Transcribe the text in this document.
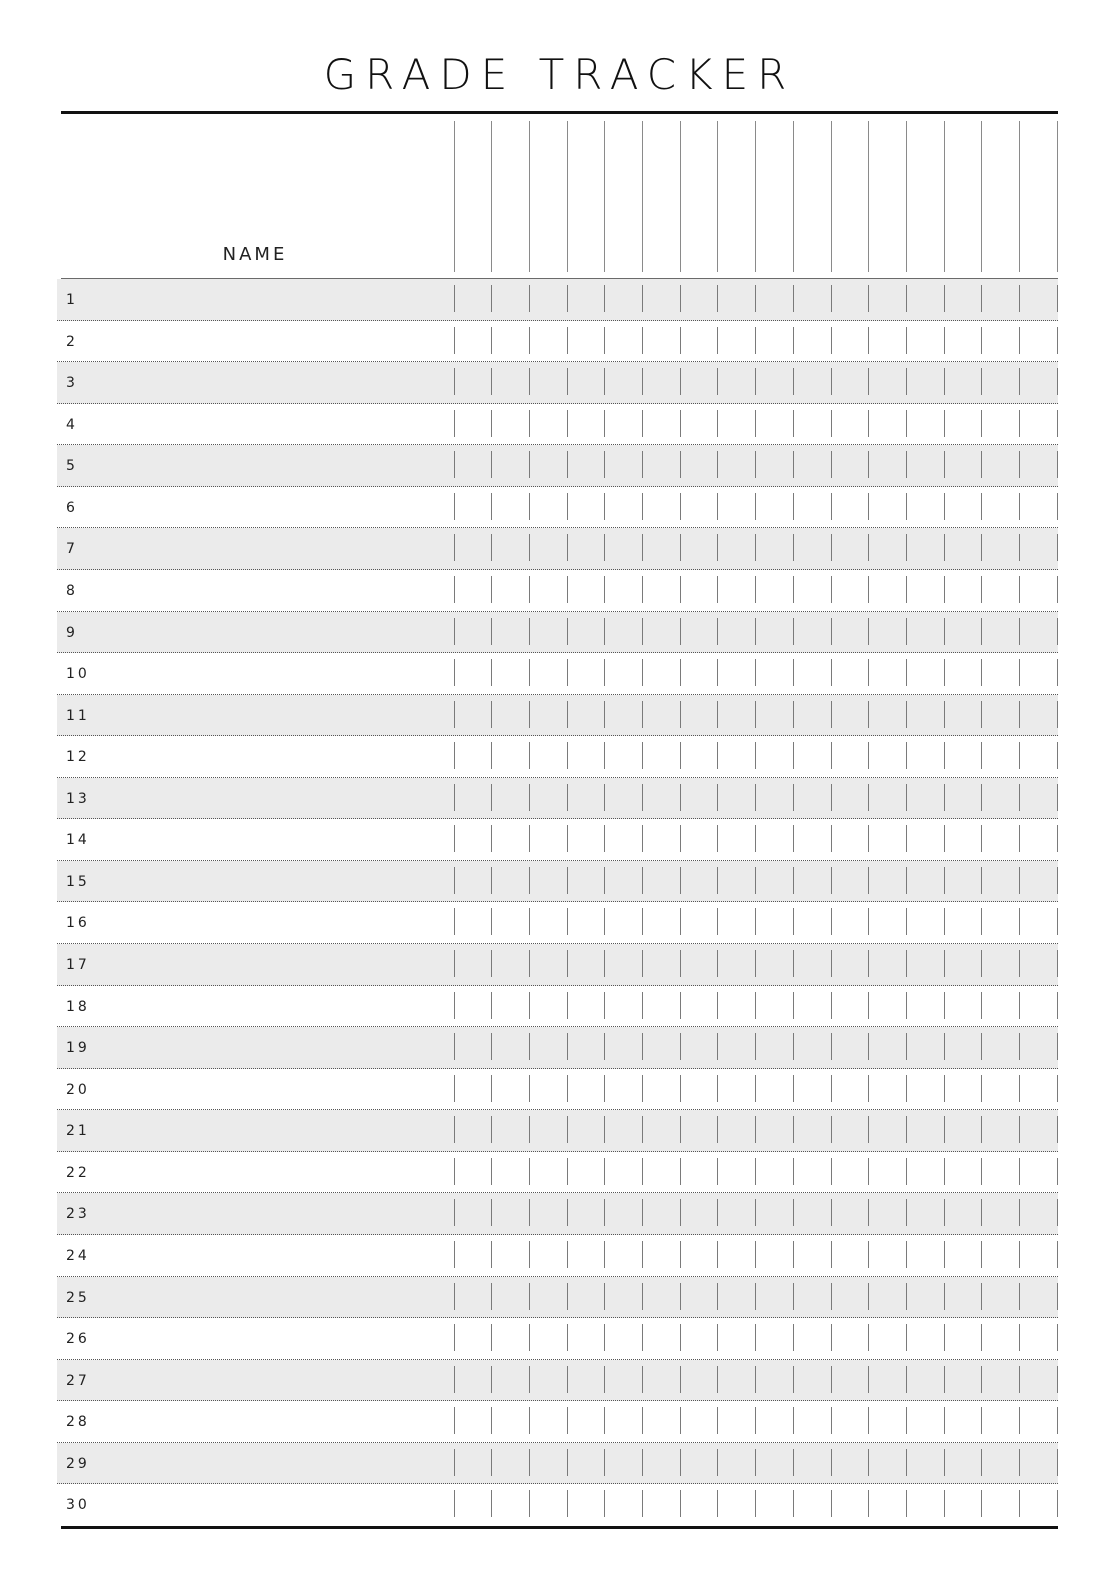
GRADE TRACKER
NAME
1
2
3
4
5
6
7
8
9
10
11
12
13
14
15
16
17
18
19
20
21
22
23
24
25
26
27
28
29
30
